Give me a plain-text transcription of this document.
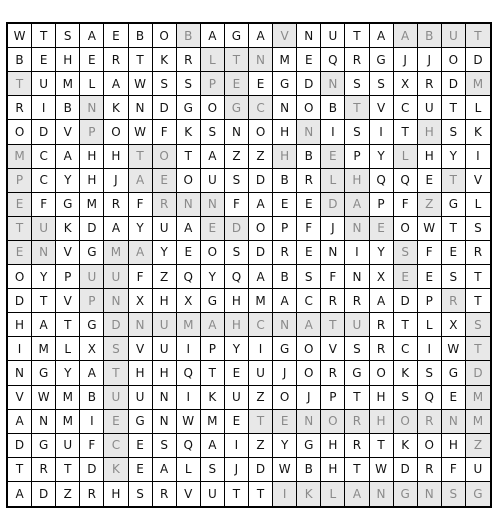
W	T	S	A	E	B	O	B	A	G	A	V	N	U	T	A	A	B	U	T
B	E	H	E	R	T	K	R	L	T	N	M	E	Q	R	G	J	J	O	D
T	U	M	L	A	W	S	S	P	E	E	G	D	N	S	S	X	R	D	M
R	I	B	N	K	N	D	G	O	G	C	N	O	B	T	V	C	U	T	L
O	D	V	P	O	W	F	K	S	N	O	H	N	I	S	I	T	H	S	K
M	C	A	H	H	T	O	T	A	Z	Z	H	B	E	P	Y	L	H	Y	I
P	C	Y	H	J	A	E	O	U	S	D	B	R	L	H	Q	Q	E	T	V
E	F	G	M	R	F	R	N	N	F	A	E	E	D	A	P	F	Z	G	L
T	U	K	D	A	Y	U	A	E	D	O	P	F	J	N	E	O	W	T	S
E	N	V	G	M	A	Y	E	O	S	D	R	E	N	I	Y	S	F	E	R
O	Y	P	U	U	F	Z	Q	Y	Q	A	B	S	F	N	X	E	E	S	T
D	T	V	P	N	X	H	X	G	H	M	A	C	R	R	A	D	P	R	T
H	A	T	G	D	N	U	M	A	H	C	N	A	T	U	R	T	L	X	S
I	M	L	X	S	V	U	I	P	Y	I	G	O	V	S	R	C	I	W	T
N	G	Y	A	T	H	H	Q	T	E	U	J	O	R	G	O	K	S	G	D
V	W	M	B	U	U	N	I	K	U	Z	O	J	P	T	H	S	Q	E	M
A	N	M	I	E	G	N	W	M	E	T	E	N	O	R	H	O	R	N	M
D	G	U	F	C	E	S	Q	A	I	Z	Y	G	H	R	T	K	O	H	Z
T	R	T	D	K	E	A	L	S	J	D	W	B	H	T	W	D	R	F	U
A	D	Z	R	H	S	R	V	U	T	T	I	K	L	A	N	G	N	S	G
